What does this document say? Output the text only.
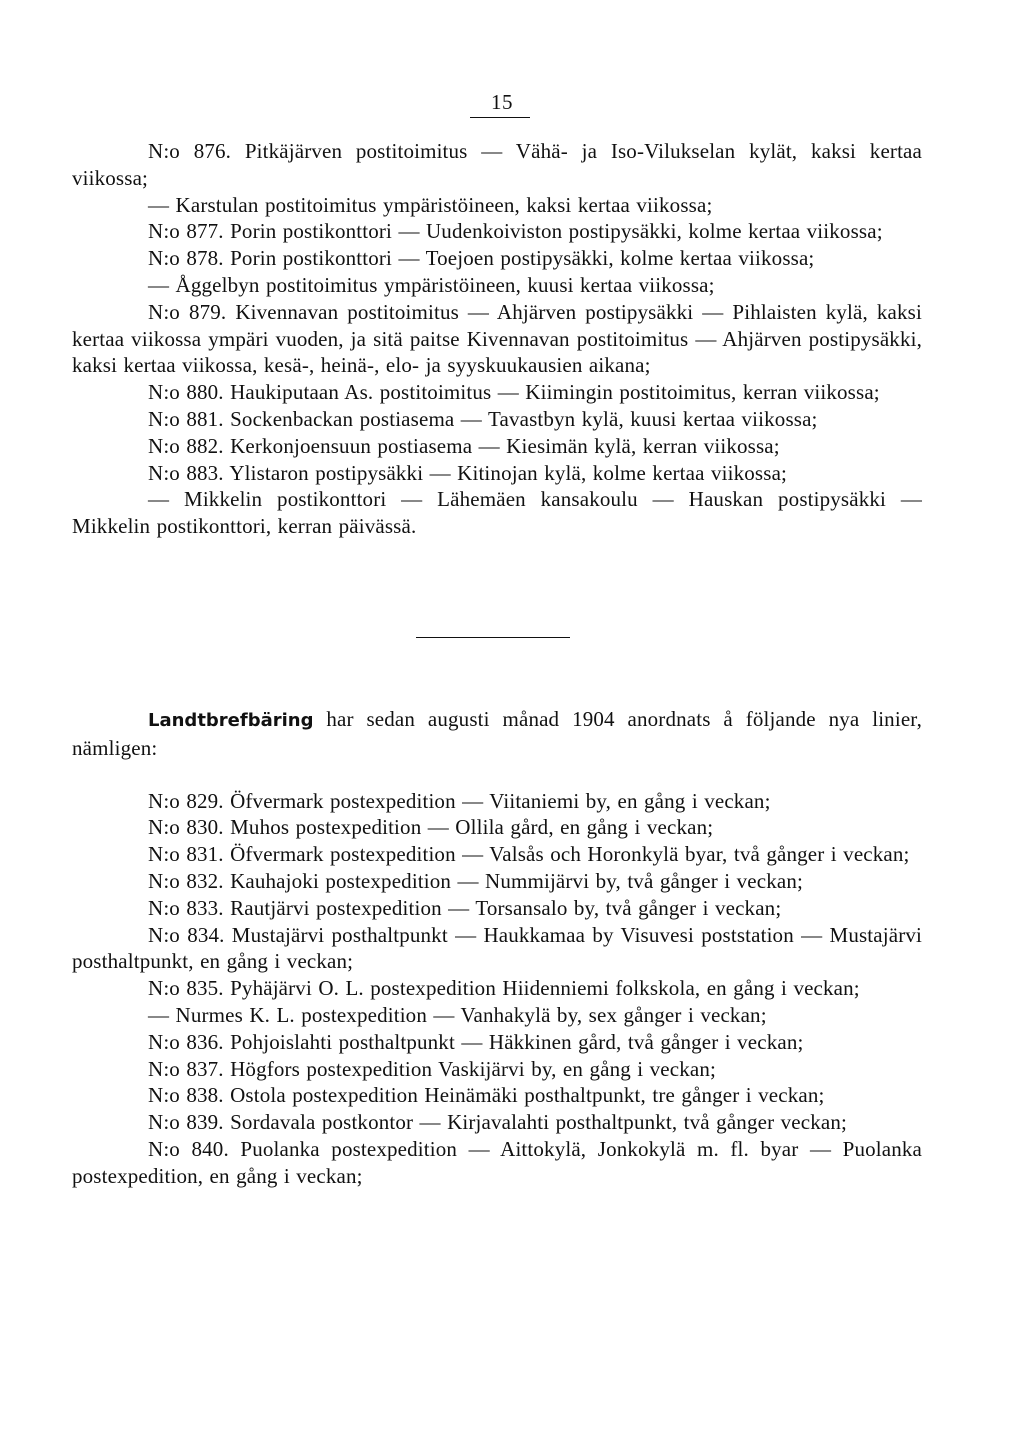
15

N:o 876. Pitkäjärven postitoimitus — Vähä- ja Iso-Vilukselan kylät, kaksi kertaa viikossa;

— Karstulan postitoimitus ympäristöineen, kaksi kertaa viikossa;

N:o 877. Porin postikonttori — Uudenkoiviston postipysäkki, kolme kertaa viikossa;

N:o 878. Porin postikonttori — Toejoen postipysäkki, kolme kertaa viikossa;

— Åggelbyn postitoimitus ympäristöineen, kuusi kertaa viikossa;

N:o 879. Kivennavan postitoimitus — Ahjärven postipysäkki — Pihlaisten kylä, kaksi kertaa viikossa ympäri vuoden, ja sitä paitse Kivennavan postitoimitus — Ahjärven postipysäkki, kaksi kertaa viikossa, kesä-, heinä-, elo- ja syyskuukausien aikana;

N:o 880. Haukiputaan As. postitoimitus — Kiimingin postitoimitus, kerran viikossa;

N:o 881. Sockenbackan postiasema — Tavastbyn kylä, kuusi kertaa viikossa;

N:o 882. Kerkonjoensuun postiasema — Kiesimän kylä, kerran viikossa;

N:o 883. Ylistaron postipysäkki — Kitinojan kylä, kolme kertaa viikossa;

— Mikkelin postikonttori — Lähemäen kansakoulu — Hauskan postipysäkki — Mikkelin postikonttori, kerran päivässä.

Landtbrefbäring har sedan augusti månad 1904 anordnats å följande nya linier, nämligen:

N:o 829. Öfvermark postexpedition — Viitaniemi by, en gång i veckan;

N:o 830. Muhos postexpedition — Ollila gård, en gång i veckan;

N:o 831. Öfvermark postexpedition — Valsås och Horonkylä byar, två gånger i veckan;

N:o 832. Kauhajoki postexpedition — Nummijärvi by, två gånger i veckan;

N:o 833. Rautjärvi postexpedition — Torsansalo by, två gånger i veckan;

N:o 834. Mustajärvi posthaltpunkt — Haukkamaa by Visuvesi poststation — Mustajärvi posthaltpunkt, en gång i veckan;

N:o 835. Pyhäjärvi O. L. postexpedition Hiidenniemi folkskola, en gång i veckan;

— Nurmes K. L. postexpedition — Vanhakylä by, sex gånger i veckan;

N:o 836. Pohjoislahti posthaltpunkt — Häkkinen gård, två gånger i veckan;

N:o 837. Högfors postexpedition Vaskijärvi by, en gång i veckan;

N:o 838. Ostola postexpedition Heinämäki posthaltpunkt, tre gånger i veckan;

N:o 839. Sordavala postkontor — Kirjavalahti posthaltpunkt, två gånger veckan;

N:o 840. Puolanka postexpedition — Aittokylä, Jonkokylä m. fl. byar — Puolanka postexpedition, en gång i veckan;
